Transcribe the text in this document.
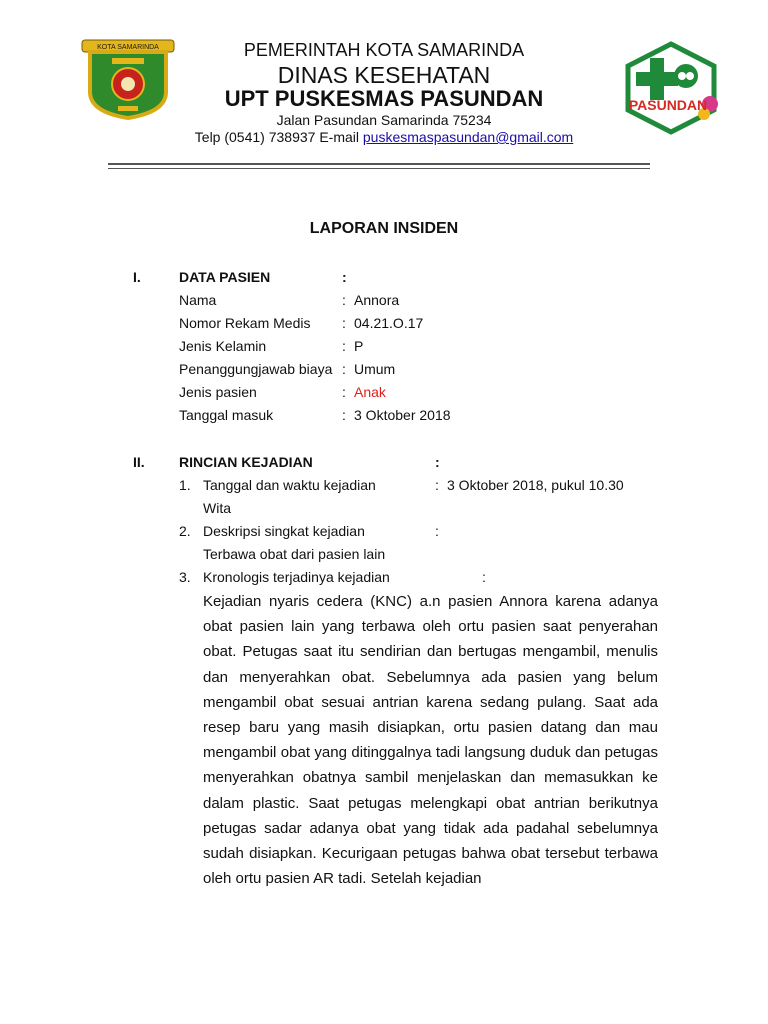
KOTA SAMARINDA
PASUNDAN
PEMERINTAH KOTA SAMARINDA
DINAS KESEHATAN
UPT PUSKESMAS PASUNDAN
Jalan Pasundan Samarinda 75234
Telp (0541) 738937 E-mail puskesmaspasundan@gmail.com
LAPORAN INSIDEN
I.	DATA PASIEN	:
Nama	: Annora
Nomor Rekam Medis : 04.21.O.17
Jenis Kelamin	: P
Penanggungjawab biaya : Umum
Jenis pasien	: Anak
Tanggal masuk	: 3 Oktober 2018
II. RINCIAN KEJADIAN	:
1. Tanggal dan waktu kejadian	: 3 Oktober 2018, pukul 10.30
Wita
2. Deskripsi singkat kejadian	:
Terbawa obat dari pasien lain
3. Kronologis terjadinya kejadian	:
Kejadian nyaris cedera (KNC) a.n pasien Annora karena adanya obat pasien lain yang terbawa oleh ortu pasien saat penyerahan obat. Petugas saat itu sendirian dan bertugas mengambil, menulis dan menyerahkan obat. Sebelumnya ada pasien yang belum mengambil obat sesuai antrian karena sedang pulang. Saat ada resep baru yang masih disiapkan, ortu pasien datang dan mau mengambil obat yang ditinggalnya tadi langsung duduk dan petugas menyerahkan obatnya sambil menjelaskan dan memasukkan ke dalam plastic. Saat petugas melengkapi obat antrian berikutnya petugas sadar adanya obat yang tidak ada padahal sebelumnya sudah disiapkan. Kecurigaan petugas bahwa obat tersebut terbawa oleh ortu pasien AR tadi. Setelah kejadian
